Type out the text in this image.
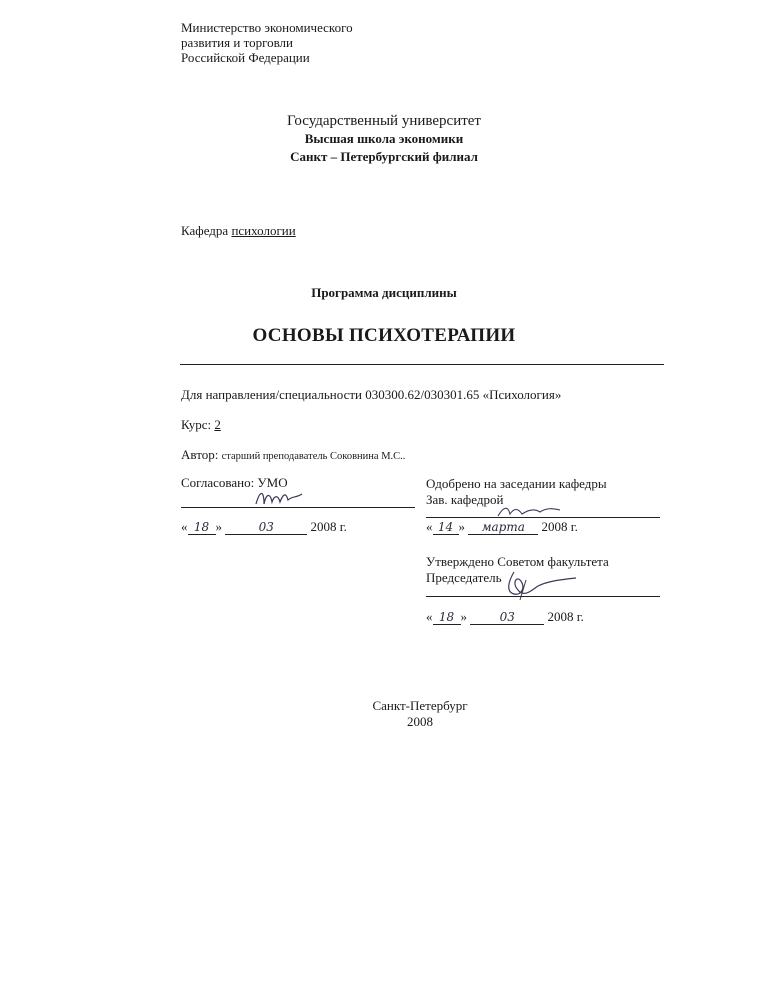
Министерство экономического
развития и торговли
Российской Федерации
Государственный университет
Высшая школа экономики
Санкт – Петербургский филиал
Кафедра психологии
Программа дисциплины
ОСНОВЫ ПСИХОТЕРАПИИ
Для направления/специальности 030300.62/030301.65 «Психология»
Курс: 2
Автор: старший преподаватель Соковнина М.С..
Согласовано: УМО
« 18 »	03	2008 г.
Одобрено на заседании кафедры
Зав. кафедрой
« 14 » марта 2008 г.
Утверждено Советом факультета
Председатель
« 18 »	03	2008 г.
Санкт-Петербург
2008
